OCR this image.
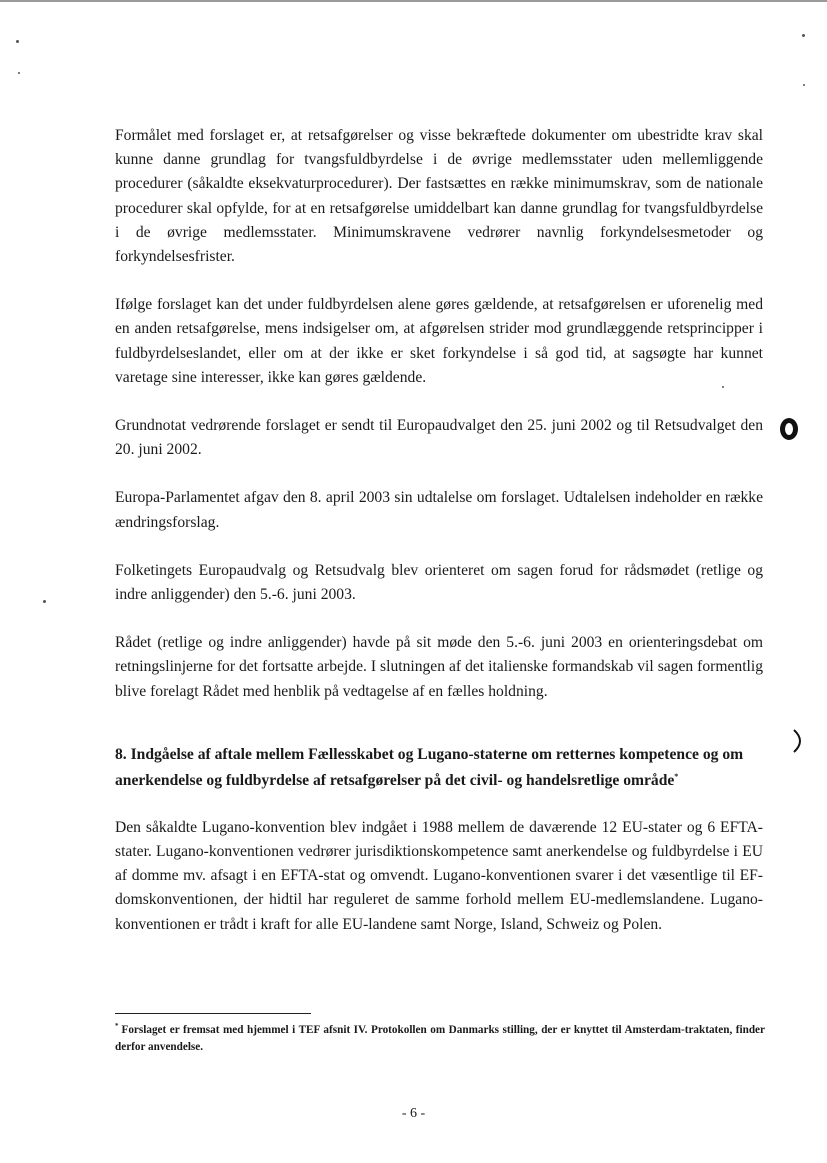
Formålet med forslaget er, at retsafgørelser og visse bekræftede dokumenter om ubestridte krav skal kunne danne grundlag for tvangsfuldbyrdelse i de øvrige medlemsstater uden mellemliggende procedurer (såkaldte eksekvaturprocedurer). Der fastsættes en række minimumskrav, som de nationale procedurer skal opfylde, for at en retsafgørelse umiddelbart kan danne grundlag for tvangsfuldbyrdelse i de øvrige medlemsstater. Minimumskravene vedrører navnlig forkyndelsesmetoder og forkyndelsesfrister.

Ifølge forslaget kan det under fuldbyrdelsen alene gøres gældende, at retsafgørelsen er uforenelig med en anden retsafgørelse, mens indsigelser om, at afgørelsen strider mod grundlæggende retsprincipper i fuldbyrdelseslandet, eller om at der ikke er sket forkyndelse i så god tid, at sagsøgte har kunnet varetage sine interesser, ikke kan gøres gældende.

Grundnotat vedrørende forslaget er sendt til Europaudvalget den 25. juni 2002 og til Retsudvalget den 20. juni 2002.

Europa-Parlamentet afgav den 8. april 2003 sin udtalelse om forslaget. Udtalelsen indeholder en række ændringsforslag.

Folketingets Europaudvalg og Retsudvalg blev orienteret om sagen forud for rådsmødet (retlige og indre anliggender) den 5.-6. juni 2003.

Rådet (retlige og indre anliggender) havde på sit møde den 5.-6. juni 2003 en orienteringsdebat om retningslinjerne for det fortsatte arbejde. I slutningen af det italienske formandskab vil sagen formentlig blive forelagt Rådet med henblik på vedtagelse af en fælles holdning.

8. Indgåelse af aftale mellem Fællesskabet og Lugano-staterne om retternes kompetence og om anerkendelse og fuldbyrdelse af retsafgørelser på det civil- og handelsretlige område*

Den såkaldte Lugano-konvention blev indgået i 1988 mellem de daværende 12 EU-stater og 6 EFTA-stater. Lugano-konventionen vedrører jurisdiktionskompetence samt anerkendelse og fuldbyrdelse i EU af domme mv. afsagt i en EFTA-stat og omvendt. Lugano-konventionen svarer i det væsentlige til EF-domskonventionen, der hidtil har reguleret de samme forhold mellem EU-medlemslandene. Lugano-konventionen er trådt i kraft for alle EU-landene samt Norge, Island, Schweiz og Polen.

* Forslaget er fremsat med hjemmel i TEF afsnit IV. Protokollen om Danmarks stilling, der er knyttet til Amsterdam-traktaten, finder derfor anvendelse.
- 6 -
